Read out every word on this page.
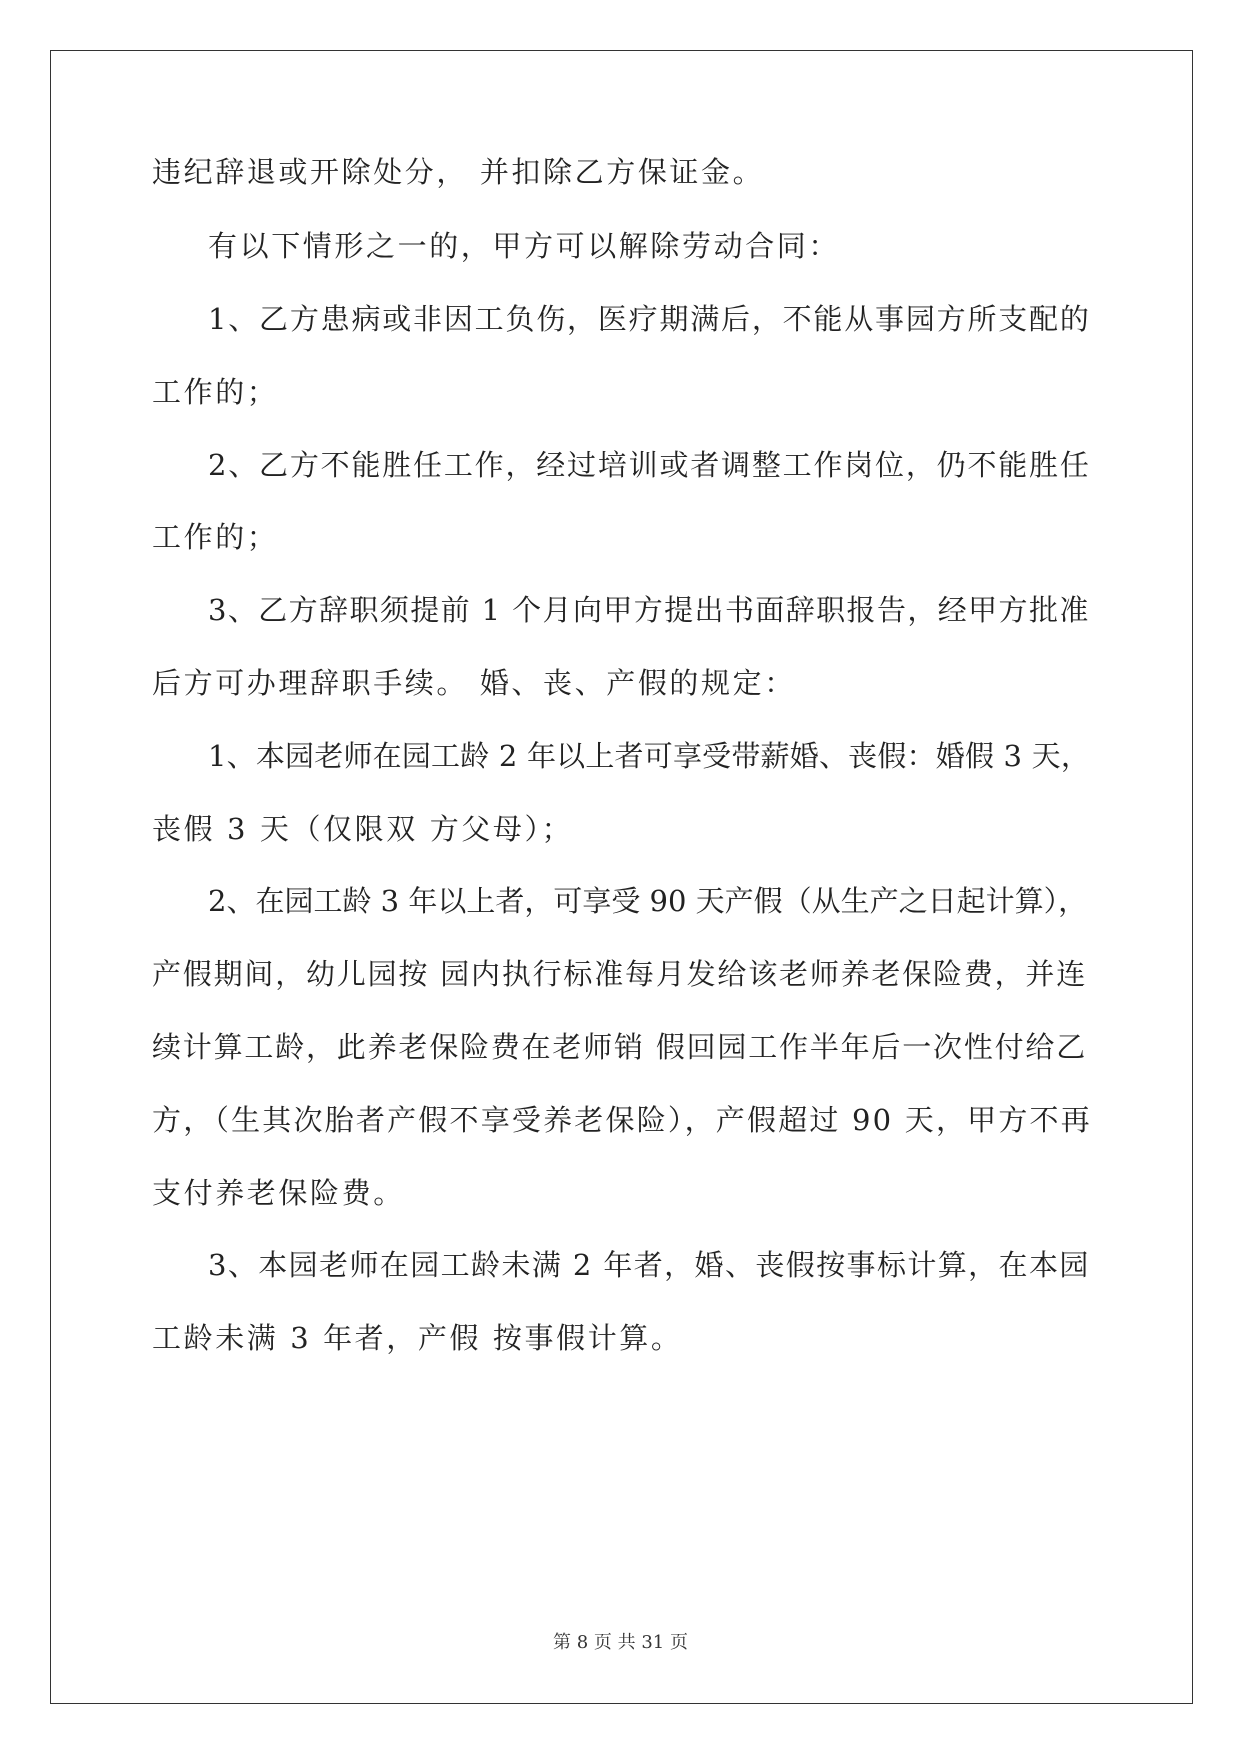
违纪辞退或开除处分， 并扣除乙方保证金。
有以下情形之一的，甲方可以解除劳动合同：
1、乙方患病或非因工负伤，医疗期满后，不能从事园方所支配的
工作的；
2、乙方不能胜任工作，经过培训或者调整工作岗位，仍不能胜任
工作的；
3、乙方辞职须提前 1 个月向甲方提出书面辞职报告，经甲方批准
后方可办理辞职手续。 婚、丧、产假的规定：
1、本园老师在园工龄 2 年以上者可享受带薪婚、丧假：婚假 3 天，
丧假 3 天（仅限双 方父母）；
2、在园工龄 3 年以上者，可享受 90 天产假（从生产之日起计算），
产假期间，幼儿园按 园内执行标准每月发给该老师养老保险费，并连
续计算工龄，此养老保险费在老师销 假回园工作半年后一次性付给乙
方，（生其次胎者产假不享受养老保险），产假超过 90 天，甲方不再
支付养老保险费。
3、本园老师在园工龄未满 2 年者，婚、丧假按事标计算，在本园
工龄未满 3 年者，产假 按事假计算。
第 8 页 共 31 页
